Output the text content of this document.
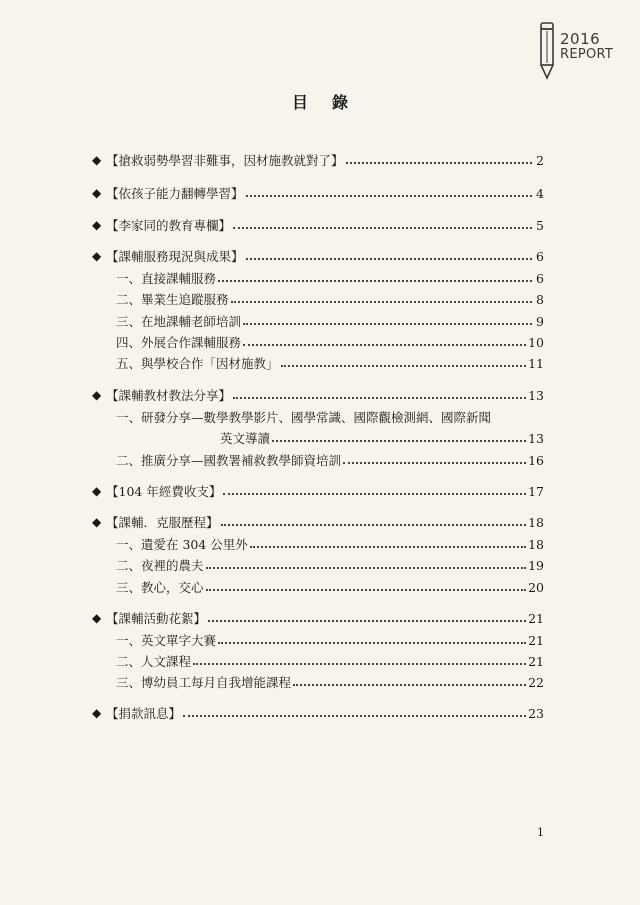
2016
REPORT
目錄
◆ 【搶救弱勢學習非難事，因材施教就對了】	2
◆ 【依孩子能力翻轉學習】	4
◆ 【李家同的教育專欄】	5
◆ 【課輔服務現況與成果】	6
一、直接課輔服務	6
二、畢業生追蹤服務	8
三、在地課輔老師培訓	9
四、外展合作課輔服務	10
五、與學校合作「因材施教」	11
◆ 【課輔教材教法分享】	13
一、研發分享—數學教學影片、國學常識、國際觀檢測網、國際新聞
英文導讀	13
二、推廣分享—國教署補救教學師資培訓	16
◆ 【104 年經費收支】	17
◆ 【課輔．克服歷程】	18
一、遺愛在 304 公里外	18
二、夜裡的農夫	19
三、教心，交心	20
◆ 【課輔活動花絮】	21
一、英文單字大賽	21
二、人文課程	21
三、博幼員工每月自我增能課程	22
◆ 【捐款訊息】	23
1
